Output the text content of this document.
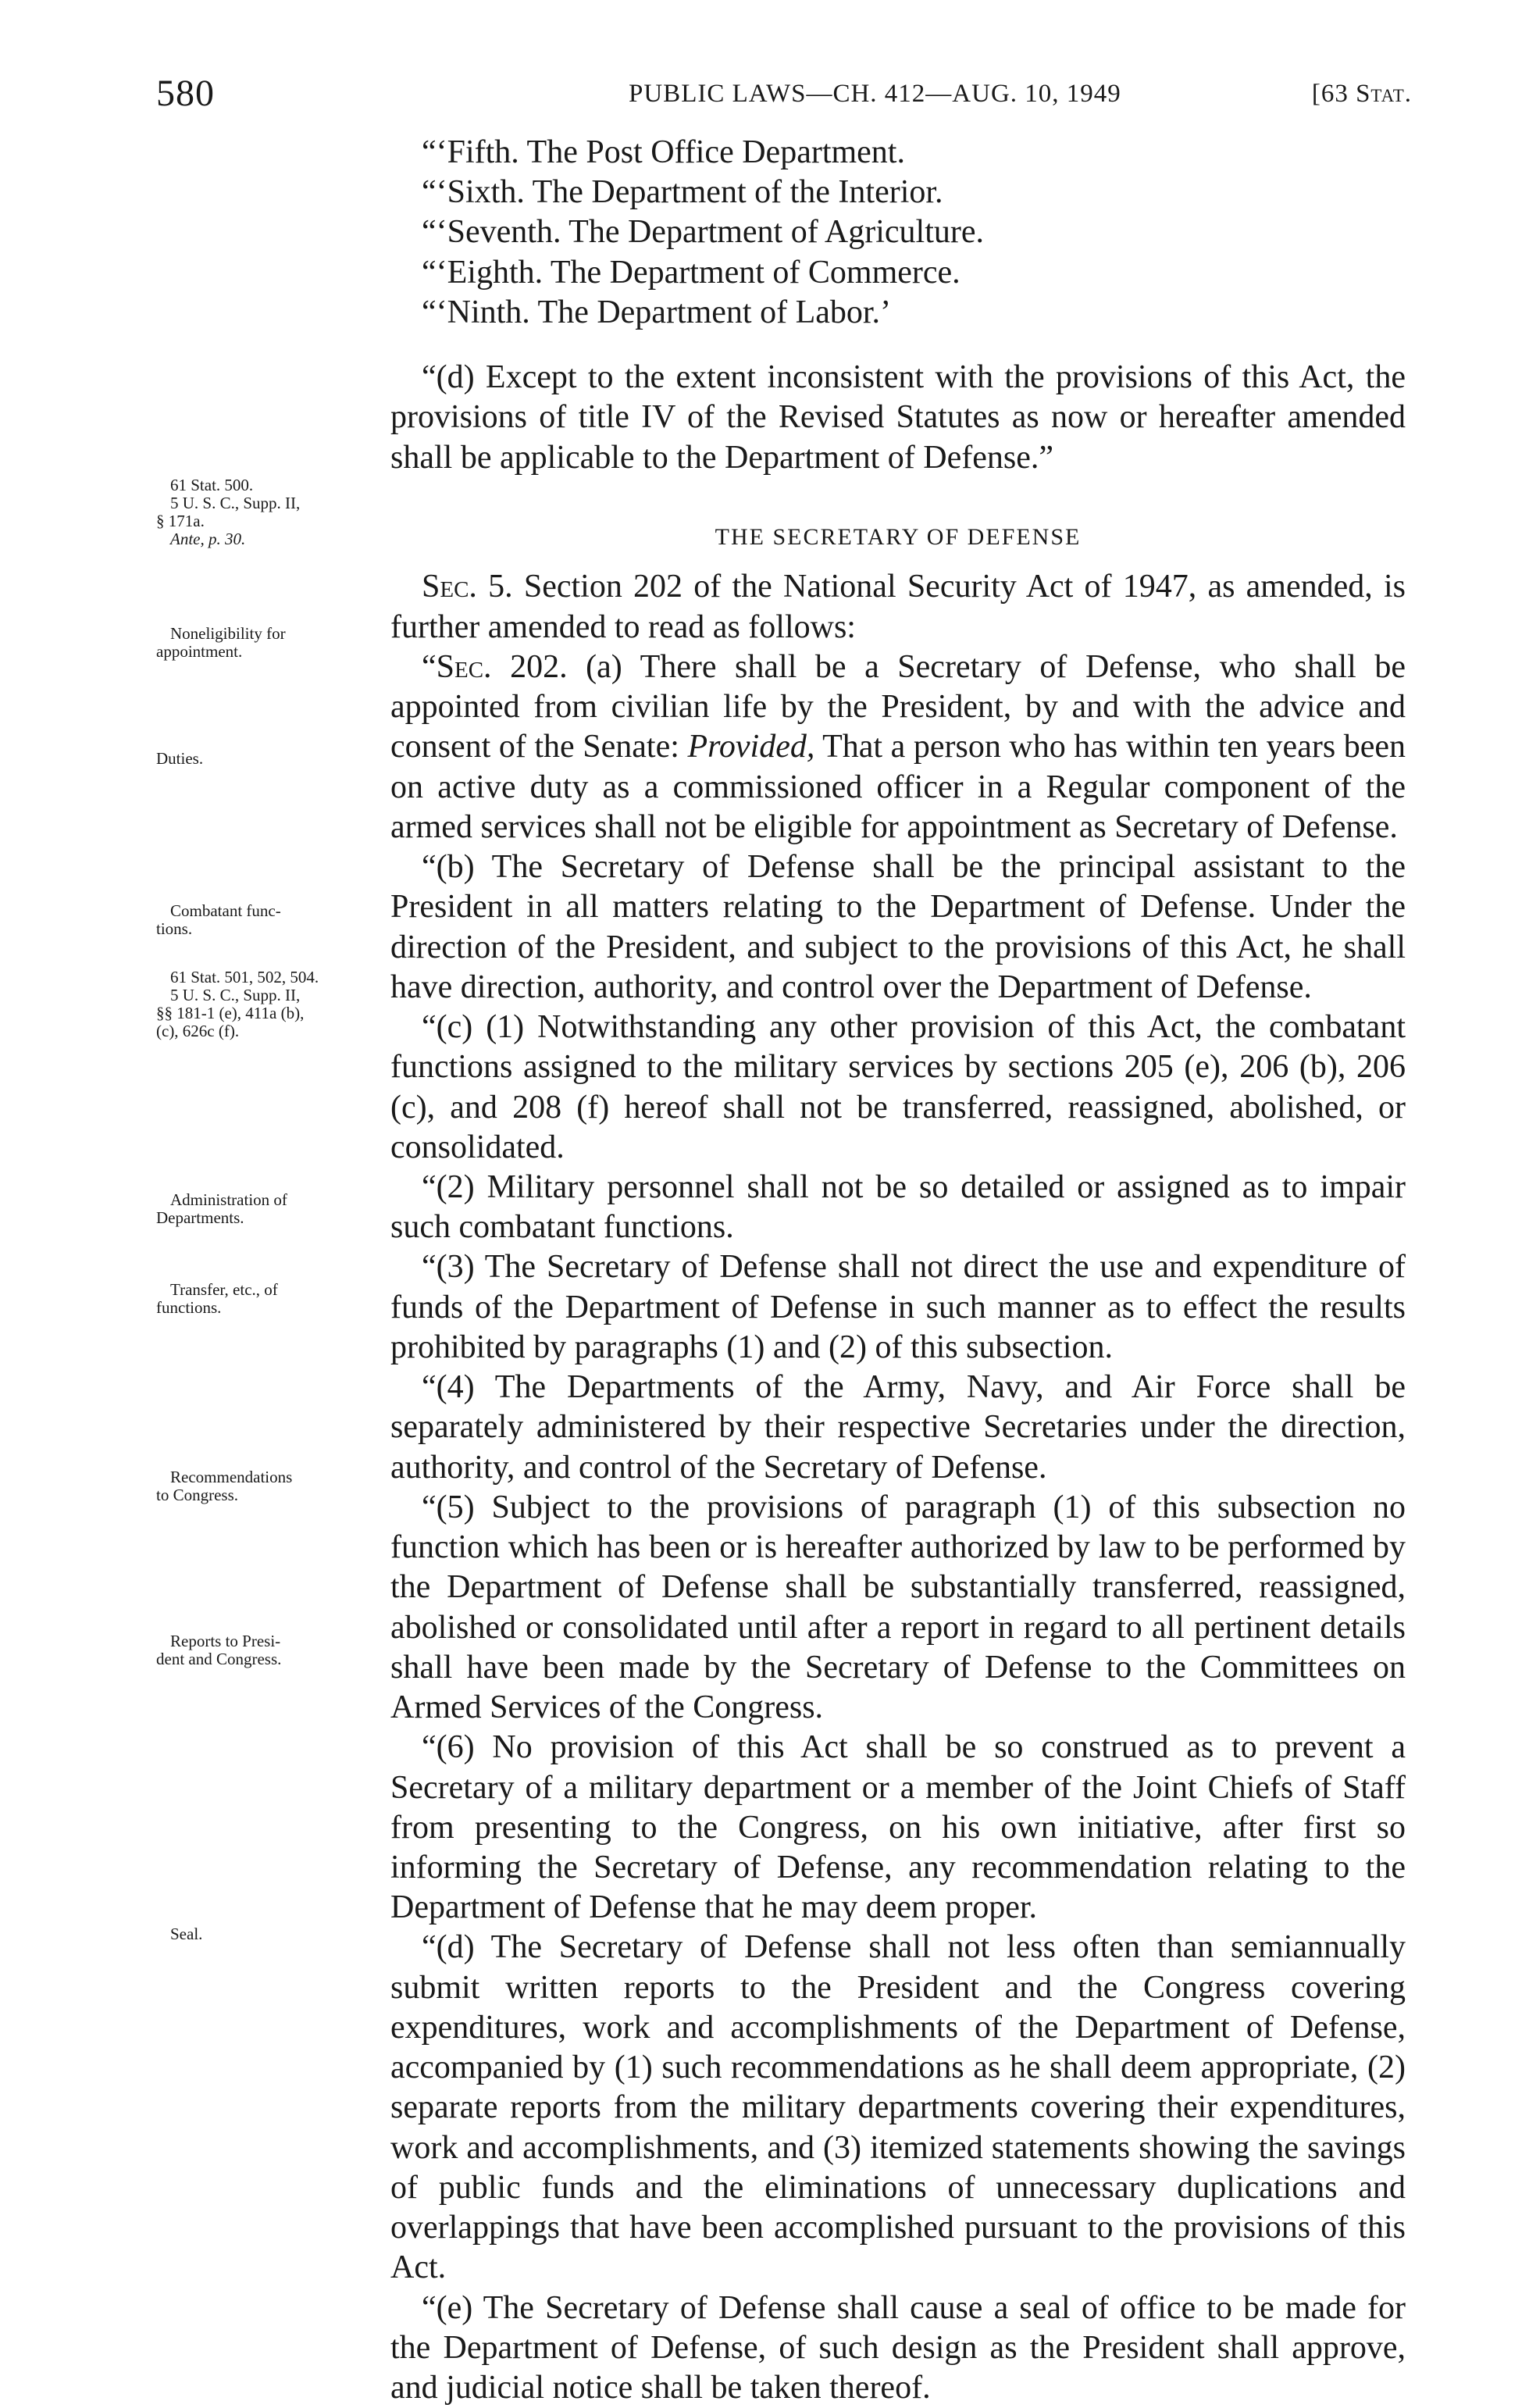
580	PUBLIC LAWS—CH. 412—AUG. 10, 1949	[63 Stat.
61 Stat. 500.
5 U. S. C., Supp. II,
§ 171a.
Ante, p. 30.
Noneligibility for
appointment.
Duties.
Combatant func-
tions.
61 Stat. 501, 502, 504.
5 U. S. C., Supp. II,
§§ 181-1 (e), 411a (b),
(c), 626c (f).
Administration of
Departments.
Transfer, etc., of
functions.
Recommendations
to Congress.
Reports to Presi-
dent and Congress.
Seal.

“‘Fifth. The Post Office Department.

“‘Sixth. The Department of the Interior.

“‘Seventh. The Department of Agriculture.

“‘Eighth. The Department of Commerce.

“‘Ninth. The Department of Labor.’

“(d) Except to the extent inconsistent with the provisions of this Act, the provisions of title IV of the Revised Statutes as now or hereafter amended shall be applicable to the Department of Defense.”

THE SECRETARY OF DEFENSE

Sec. 5. Section 202 of the National Security Act of 1947, as amended, is further amended to read as follows:

“Sec. 202. (a) There shall be a Secretary of Defense, who shall be appointed from civilian life by the President, by and with the advice and consent of the Senate: Provided, That a person who has within ten years been on active duty as a commissioned officer in a Regular component of the armed services shall not be eligible for appointment as Secretary of Defense.

“(b) The Secretary of Defense shall be the principal assistant to the President in all matters relating to the Department of Defense. Under the direction of the President, and subject to the provisions of this Act, he shall have direction, authority, and control over the Department of Defense.

“(c) (1) Notwithstanding any other provision of this Act, the combatant functions assigned to the military services by sections 205 (e), 206 (b), 206 (c), and 208 (f) hereof shall not be transferred, reassigned, abolished, or consolidated.

“(2) Military personnel shall not be so detailed or assigned as to impair such combatant functions.

“(3) The Secretary of Defense shall not direct the use and expenditure of funds of the Department of Defense in such manner as to effect the results prohibited by paragraphs (1) and (2) of this subsection.

“(4) The Departments of the Army, Navy, and Air Force shall be separately administered by their respective Secretaries under the direction, authority, and control of the Secretary of Defense.

“(5) Subject to the provisions of paragraph (1) of this subsection no function which has been or is hereafter authorized by law to be performed by the Department of Defense shall be substantially transferred, reassigned, abolished or consolidated until after a report in regard to all pertinent details shall have been made by the Secretary of Defense to the Committees on Armed Services of the Congress.

“(6) No provision of this Act shall be so construed as to prevent a Secretary of a military department or a member of the Joint Chiefs of Staff from presenting to the Congress, on his own initiative, after first so informing the Secretary of Defense, any recommendation relating to the Department of Defense that he may deem proper.

“(d) The Secretary of Defense shall not less often than semiannually submit written reports to the President and the Congress covering expenditures, work and accomplishments of the Department of Defense, accompanied by (1) such recommendations as he shall deem appropriate, (2) separate reports from the military departments covering their expenditures, work and accomplishments, and (3) itemized statements showing the savings of public funds and the eliminations of unnecessary duplications and overlappings that have been accomplished pursuant to the provisions of this Act.

“(e) The Secretary of Defense shall cause a seal of office to be made for the Department of Defense, of such design as the President shall approve, and judicial notice shall be taken thereof.
